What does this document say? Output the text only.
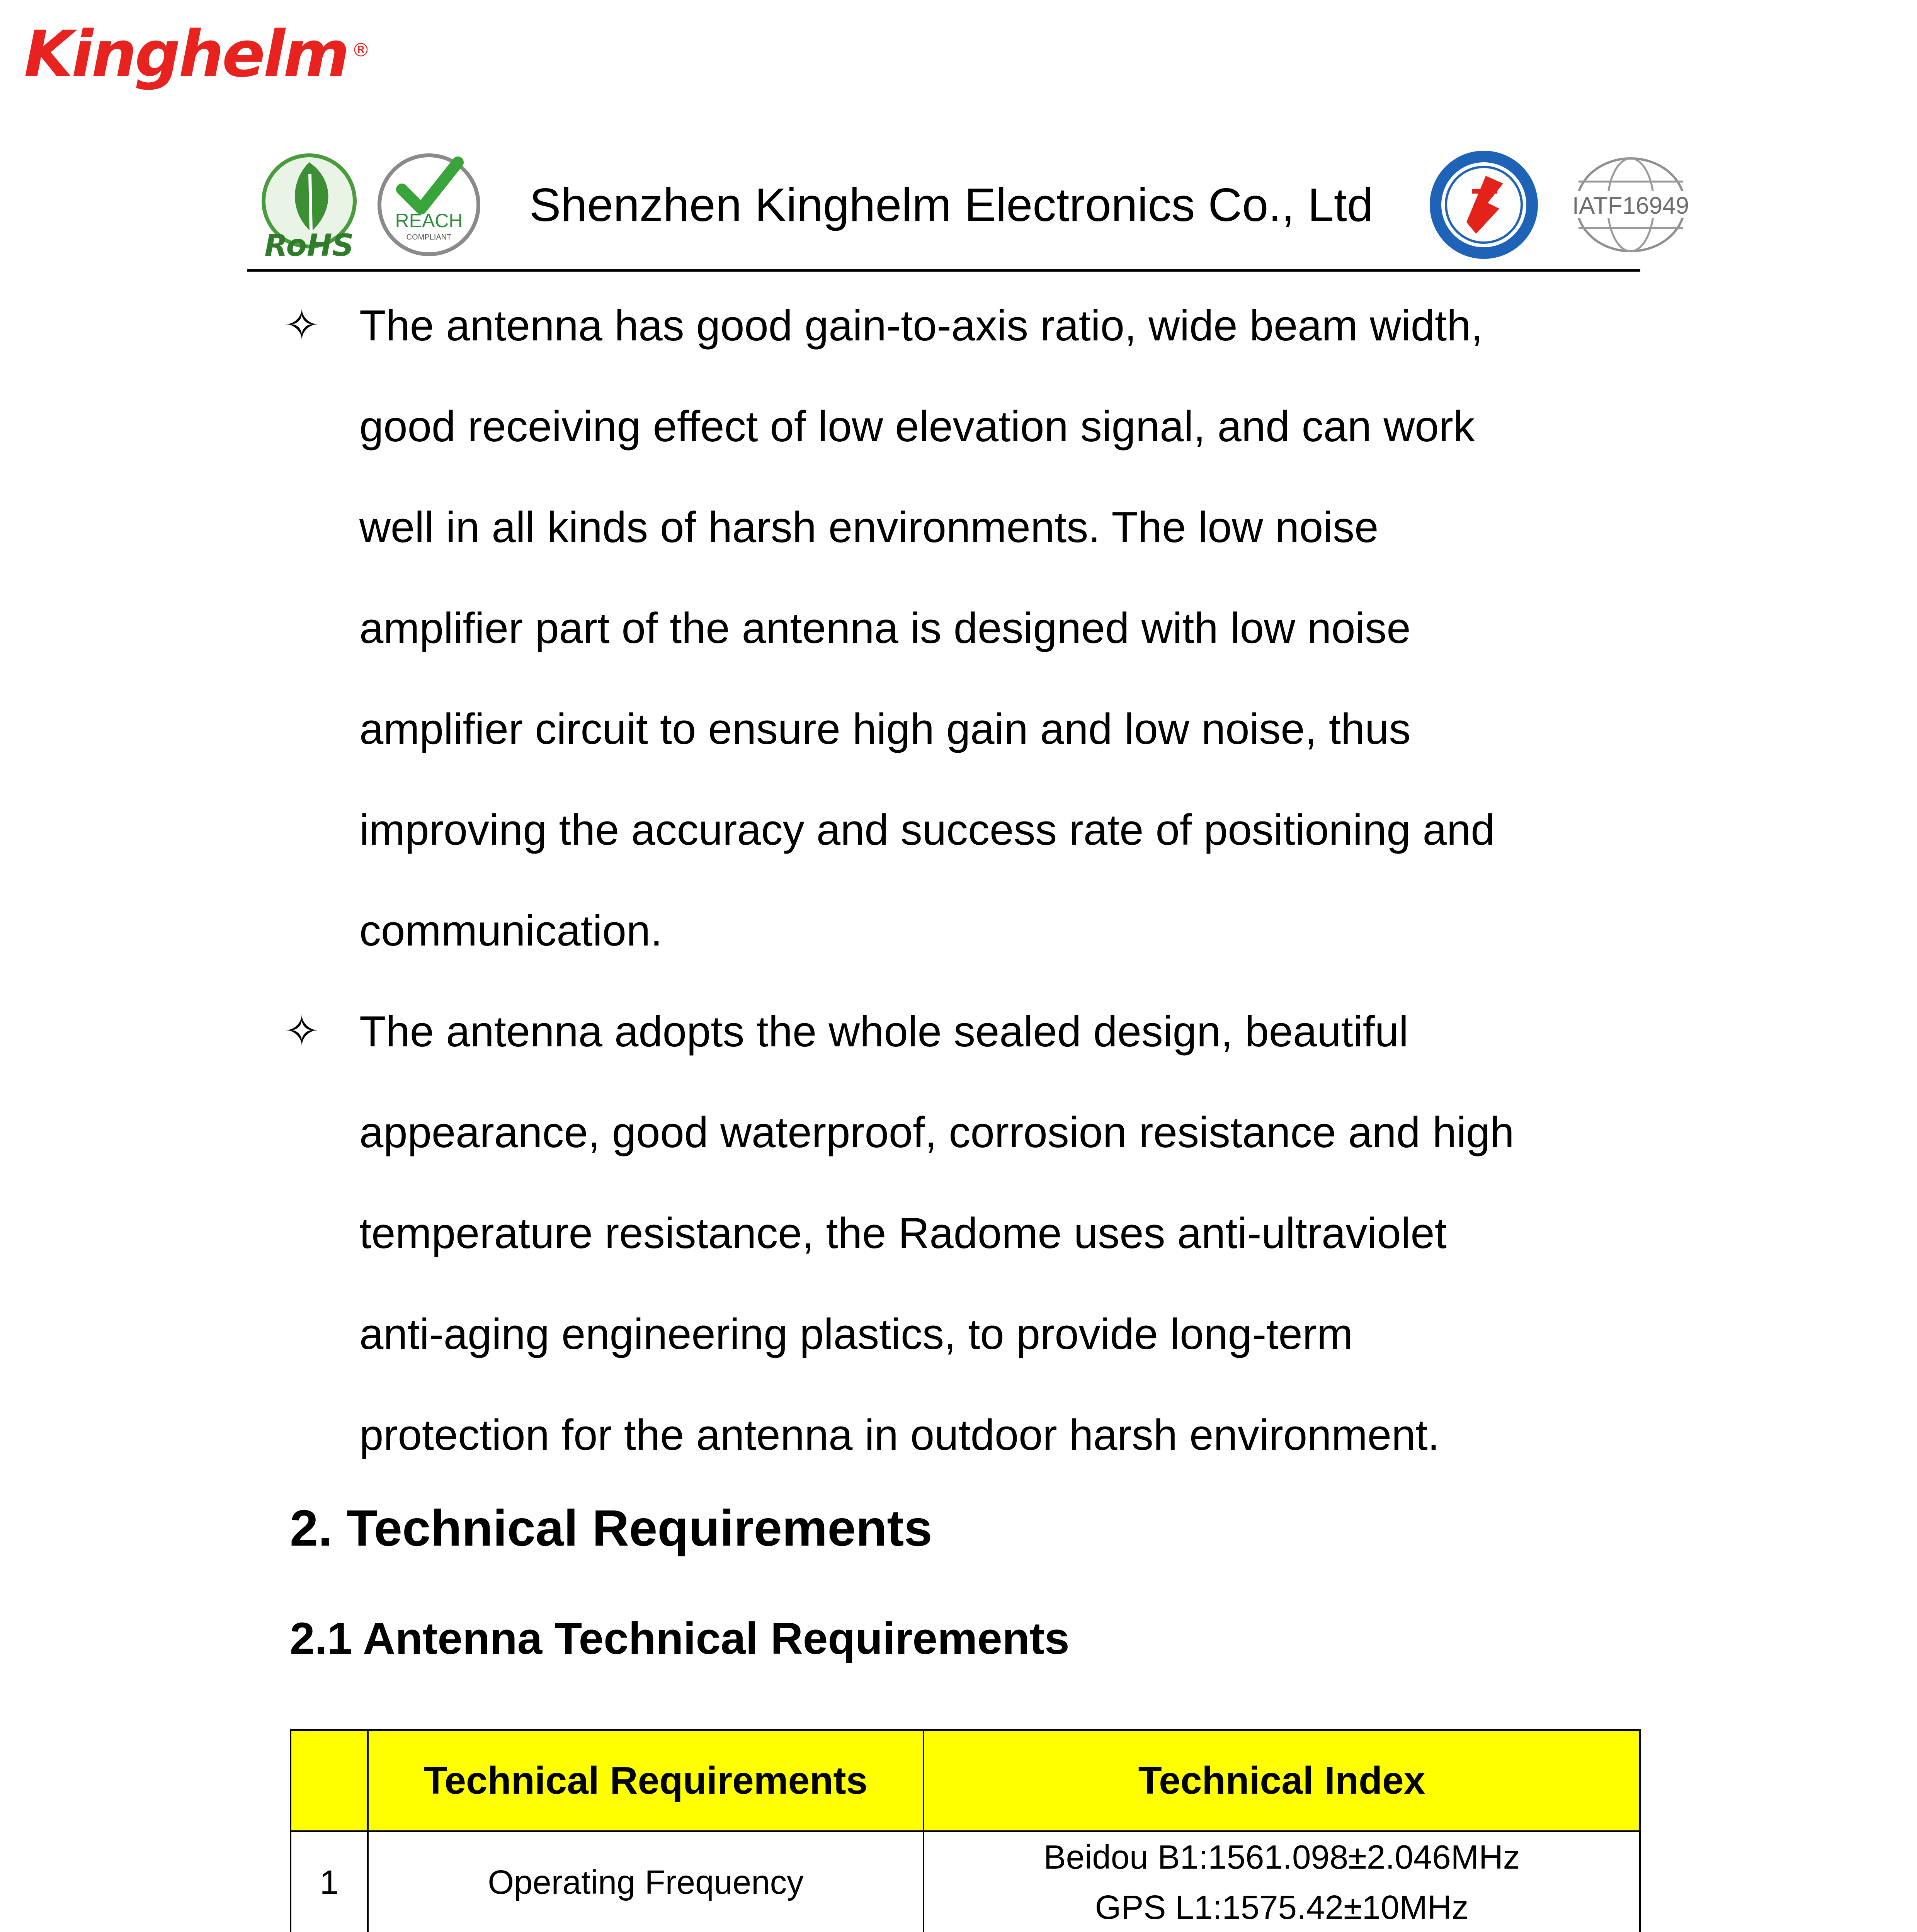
Kinghelm ®
RoHS
REACH
COMPLIANT
Shenzhen Kinghelm Electronics Co., Ltd	IATF16949
✧ The antenna has good gain-to-axis ratio, wide beam width,
good receiving effect of low elevation signal, and can work
well in all kinds of harsh environments. The low noise
amplifier part of the antenna is designed with low noise
amplifier circuit to ensure high gain and low noise, thus
improving the accuracy and success rate of positioning and
communication.
✧ The antenna adopts the whole sealed design, beautiful
appearance, good waterproof, corrosion resistance and high
temperature resistance, the Radome uses anti-ultraviolet
anti-aging engineering plastics, to provide long-term
protection for the antenna in outdoor harsh environment.
2. Technical Requirements
2.1 Antenna Technical Requirements
	Technical Requirements	Technical Index
1	Operating Frequency	Beidou B1:1561.098±2.046MHz
GPS L1:1575.42±10MHz
